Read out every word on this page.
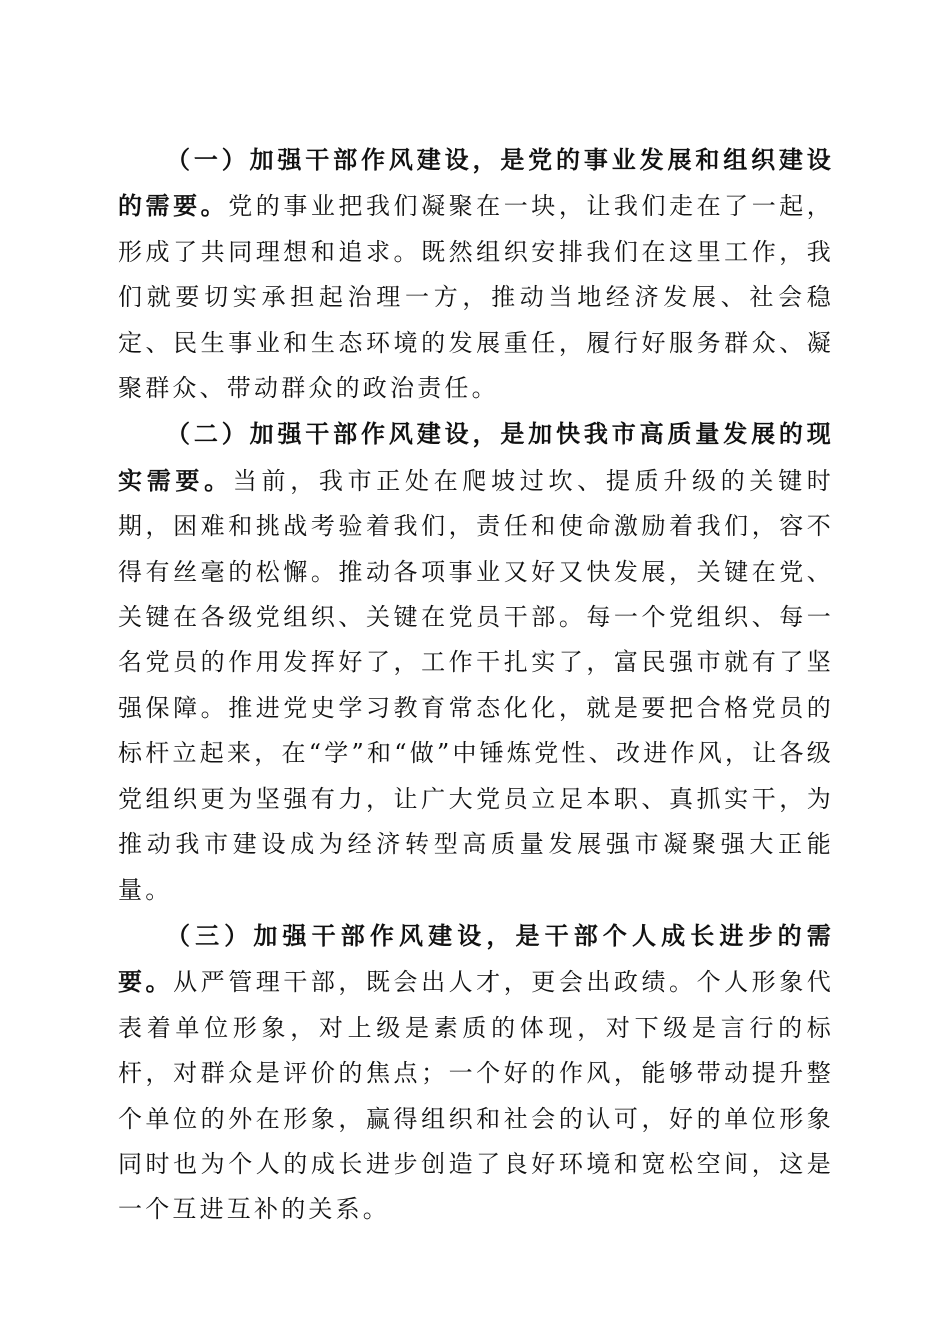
（一）加强干部作风建设，是党的事业发展和组织建设的需要。党的事业把我们凝聚在一块，让我们走在了一起，形成了共同理想和追求。既然组织安排我们在这里工作，我们就要切实承担起治理一方，推动当地经济发展、社会稳定、民生事业和生态环境的发展重任，履行好服务群众、凝聚群众、带动群众的政治责任。

（二）加强干部作风建设，是加快我市高质量发展的现实需要。当前，我市正处在爬坡过坎、提质升级的关键时期，困难和挑战考验着我们，责任和使命激励着我们，容不得有丝毫的松懈。推动各项事业又好又快发展，关键在党、关键在各级党组织、关键在党员干部。每一个党组织、每一名党员的作用发挥好了，工作干扎实了，富民强市就有了坚强保障。推进党史学习教育常态化化，就是要把合格党员的标杆立起来，在“学”和“做”中锤炼党性、改进作风，让各级党组织更为坚强有力，让广大党员立足本职、真抓实干，为推动我市建设成为经济转型高质量发展强市凝聚强大正能量。

（三）加强干部作风建设，是干部个人成长进步的需要。从严管理干部，既会出人才，更会出政绩。个人形象代表着单位形象，对上级是素质的体现，对下级是言行的标杆，对群众是评价的焦点；一个好的作风，能够带动提升整个单位的外在形象，赢得组织和社会的认可，好的单位形象同时也为个人的成长进步创造了良好环境和宽松空间，这是一个互进互补的关系。
